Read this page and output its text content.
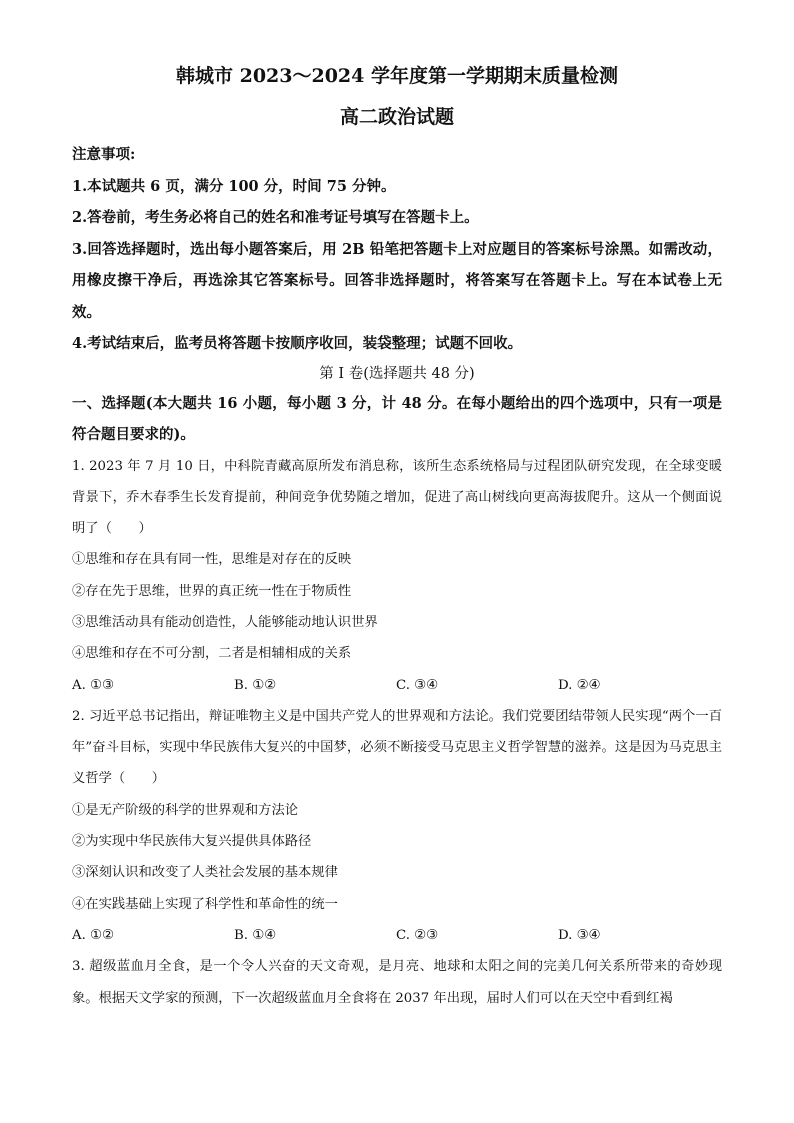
韩城市 2023～2024 学年度第一学期期末质量检测
高二政治试题
注意事项:
1.本试题共 6 页，满分 100 分，时间 75 分钟。
2.答卷前，考生务必将自己的姓名和准考证号填写在答题卡上。
3.回答选择题时，选出每小题答案后，用 2B 铅笔把答题卡上对应题目的答案标号涂黑。如需改动，用橡皮擦干净后，再选涂其它答案标号。回答非选择题时，将答案写在答题卡上。写在本试卷上无效。
4.考试结束后，监考员将答题卡按顺序收回，装袋整理；试题不回收。
第 I 卷(选择题共 48 分)
一、选择题(本大题共 16 小题，每小题 3 分，计 48 分。在每小题给出的四个选项中，只有一项是符合题目要求的)。
1. 2023 年 7 月 10 日，中科院青藏高原所发布消息称，该所生态系统格局与过程团队研究发现，在全球变暖背景下，乔木春季生长发育提前，种间竞争优势随之增加，促进了高山树线向更高海拔爬升。这从一个侧面说明了（　　）
①思维和存在具有同一性，思维是对存在的反映
②存在先于思维，世界的真正统一性在于物质性
③思维活动具有能动创造性，人能够能动地认识世界
④思维和存在不可分割，二者是相辅相成的关系
A. ①③	B. ①②	C. ③④	D. ②④
2. 习近平总书记指出，辩证唯物主义是中国共产党人的世界观和方法论。我们党要团结带领人民实现“两个一百年”奋斗目标，实现中华民族伟大复兴的中国梦，必须不断接受马克思主义哲学智慧的滋养。这是因为马克思主义哲学（　　）
①是无产阶级的科学的世界观和方法论
②为实现中华民族伟大复兴提供具体路径
③深刻认识和改变了人类社会发展的基本规律
④在实践基础上实现了科学性和革命性的统一
A. ①②	B. ①④	C. ②③	D. ③④
3. 超级蓝血月全食，是一个令人兴奋的天文奇观，是月亮、地球和太阳之间的完美几何关系所带来的奇妙现象。根据天文学家的预测，下一次超级蓝血月全食将在 2037 年出现，届时人们可以在天空中看到红褐
